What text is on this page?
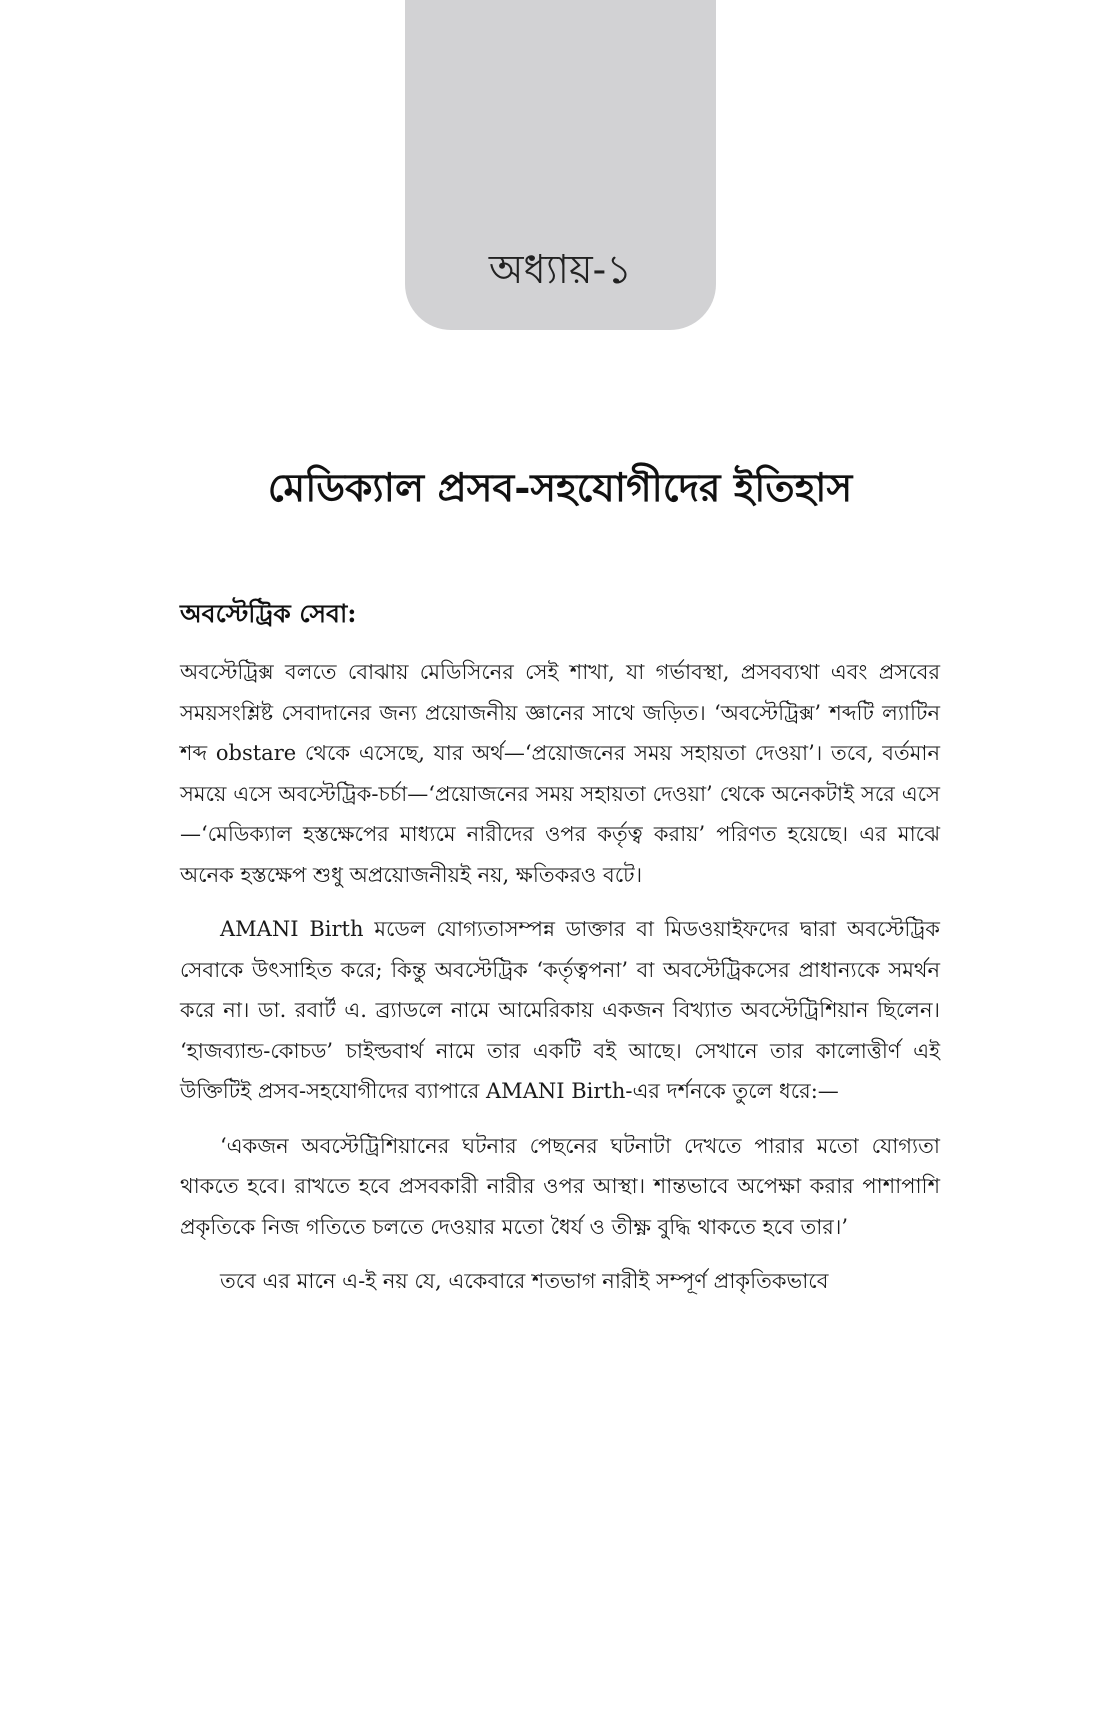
অধ্যায়-১
মেডিক্যাল প্রসব-সহযোগীদের ইতিহাস
অবস্টেট্রিক সেবা:

অবস্টেট্রিক্স বলতে বোঝায় মেডিসিনের সেই শাখা, যা গর্ভাবস্থা, প্রসবব্যথা এবং প্রসবের সময়সংশ্লিষ্ট সেবাদানের জন্য প্রয়োজনীয় জ্ঞানের সাথে জড়িত। ‘অবস্টেট্রিক্স’ শব্দটি ল্যাটিন শব্দ obstare থেকে এসেছে, যার অর্থ—‘প্রয়োজনের সময় সহায়তা দেওয়া’। তবে, বর্তমান সময়ে এসে অবস্টেট্রিক-চর্চা—‘প্রয়োজনের সময় সহায়তা দেওয়া’ থেকে অনেকটাই সরে এসে—‘মেডিক্যাল হস্তক্ষেপের মাধ্যমে নারীদের ওপর কর্তৃত্ব করায়’ পরিণত হয়েছে। এর মাঝে অনেক হস্তক্ষেপ শুধু অপ্রয়োজনীয়ই নয়, ক্ষতিকরও বটে।

AMANI Birth মডেল যোগ্যতাসম্পন্ন ডাক্তার বা মিডওয়াইফদের দ্বারা অবস্টেট্রিক সেবাকে উৎসাহিত করে; কিন্তু অবস্টেট্রিক ‘কর্তৃত্বপনা’ বা অবস্টেট্রিকসের প্রাধান্যকে সমর্থন করে না। ডা. রবার্ট এ. ব্র্যাডলে নামে আমেরিকায় একজন বিখ্যাত অবস্টেট্রিশিয়ান ছিলেন। ‘হাজব্যান্ড-কোচড’ চাইল্ডবার্থ নামে তার একটি বই আছে। সেখানে তার কালোত্তীর্ণ এই উক্তিটিই প্রসব-সহযোগীদের ব্যাপারে AMANI Birth-এর দর্শনকে তুলে ধরে:—

‘একজন অবস্টেট্রিশিয়ানের ঘটনার পেছনের ঘটনাটা দেখতে পারার মতো যোগ্যতা থাকতে হবে। রাখতে হবে প্রসবকারী নারীর ওপর আস্থা। শান্তভাবে অপেক্ষা করার পাশাপাশি প্রকৃতিকে নিজ গতিতে চলতে দেওয়ার মতো ধৈর্য ও তীক্ষ্ণ বুদ্ধি থাকতে হবে তার।’

তবে এর মানে এ-ই নয় যে, একেবারে শতভাগ নারীই সম্পূর্ণ প্রাকৃতিকভাবে
